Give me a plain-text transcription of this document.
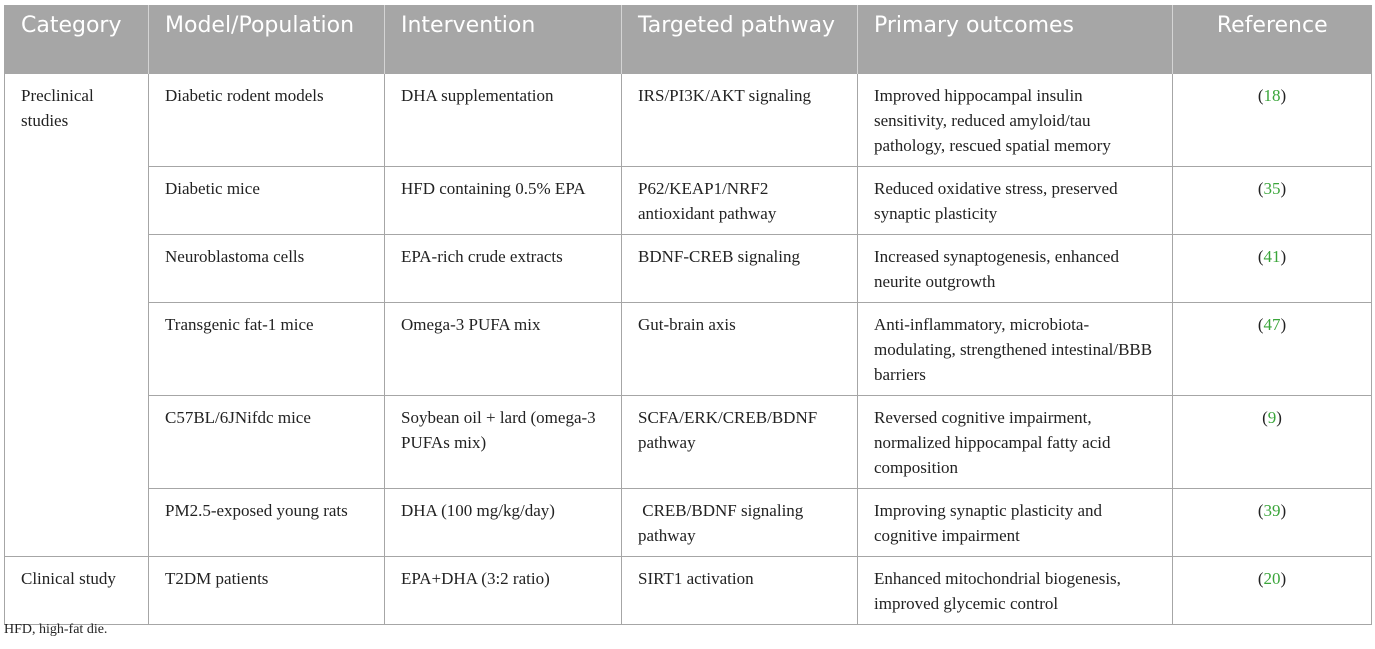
Category	Model/Population	Intervention	Targeted pathway	Primary outcomes	Reference
Preclinical studies	Diabetic rodent models	DHA supplementation	IRS/PI3K/AKT signaling	Improved hippocampal insulin sensitivity, reduced amyloid/tau pathology, rescued spatial memory	(18)
	Diabetic mice	HFD containing 0.5% EPA	P62/KEAP1/NRF2 antioxidant pathway	Reduced oxidative stress, preserved synaptic plasticity	(35)
	Neuroblastoma cells	EPA-rich crude extracts	BDNF-CREB signaling	Increased synaptogenesis, enhanced neurite outgrowth	(41)
	Transgenic fat-1 mice	Omega-3 PUFA mix	Gut-brain axis	Anti-inflammatory, microbiota-modulating, strengthened intestinal/BBB barriers	(47)
	C57BL/6JNifdc mice	Soybean oil + lard (omega-3 PUFAs mix)	SCFA/ERK/CREB/BDNF pathway	Reversed cognitive impairment, normalized hippocampal fatty acid composition	(9)
	PM2.5-exposed young rats	DHA (100 mg/kg/day)	CREB/BDNF signaling pathway	Improving synaptic plasticity and cognitive impairment	(39)
Clinical study	T2DM patients	EPA+DHA (3:2 ratio)	SIRT1 activation	Enhanced mitochondrial biogenesis, improved glycemic control	(20)
HFD, high-fat die.
